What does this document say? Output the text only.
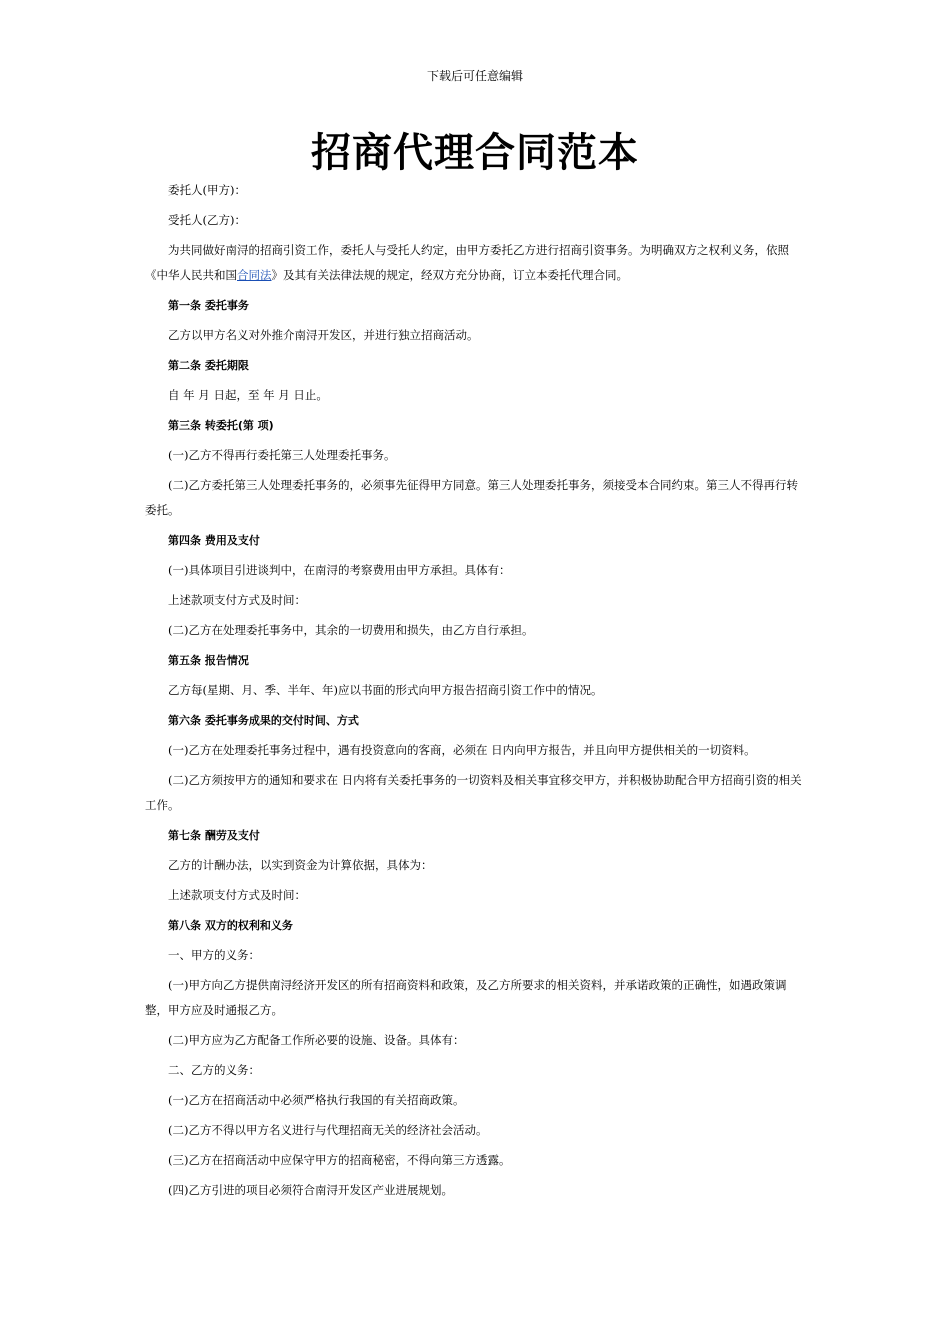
下载后可任意编辑
招商代理合同范本

委托人(甲方)：

受托人(乙方)：

为共同做好南浔的招商引资工作，委托人与受托人约定，由甲方委托乙方进行招商引资事务。为明确双方之权利义务，依照《中华人民共和国合同法》及其有关法律法规的规定，经双方充分协商，订立本委托代理合同。

第一条 委托事务

乙方以甲方名义对外推介南浔开发区，并进行独立招商活动。

第二条 委托期限

自 年 月 日起，至 年 月 日止。

第三条 转委托(第 项)

(一)乙方不得再行委托第三人处理委托事务。

(二)乙方委托第三人处理委托事务的，必须事先征得甲方同意。第三人处理委托事务，须接受本合同约束。第三人不得再行转委托。

第四条 费用及支付

(一)具体项目引进谈判中，在南浔的考察费用由甲方承担。具体有：

上述款项支付方式及时间：

(二)乙方在处理委托事务中，其余的一切费用和损失，由乙方自行承担。

第五条 报告情况

乙方每(星期、月、季、半年、年)应以书面的形式向甲方报告招商引资工作中的情况。

第六条 委托事务成果的交付时间、方式

(一)乙方在处理委托事务过程中，遇有投资意向的客商，必须在 日内向甲方报告，并且向甲方提供相关的一切资料。

(二)乙方须按甲方的通知和要求在 日内将有关委托事务的一切资料及相关事宜移交甲方，并积极协助配合甲方招商引资的相关工作。

第七条 酬劳及支付

乙方的计酬办法，以实到资金为计算依据，具体为：

上述款项支付方式及时间：

第八条 双方的权利和义务

一、甲方的义务：

(一)甲方向乙方提供南浔经济开发区的所有招商资料和政策，及乙方所要求的相关资料，并承诺政策的正确性，如遇政策调整，甲方应及时通报乙方。

(二)甲方应为乙方配备工作所必要的设施、设备。具体有：

二、乙方的义务：

(一)乙方在招商活动中必须严格执行我国的有关招商政策。

(二)乙方不得以甲方名义进行与代理招商无关的经济社会活动。

(三)乙方在招商活动中应保守甲方的招商秘密，不得向第三方透露。

(四)乙方引进的项目必须符合南浔开发区产业进展规划。
